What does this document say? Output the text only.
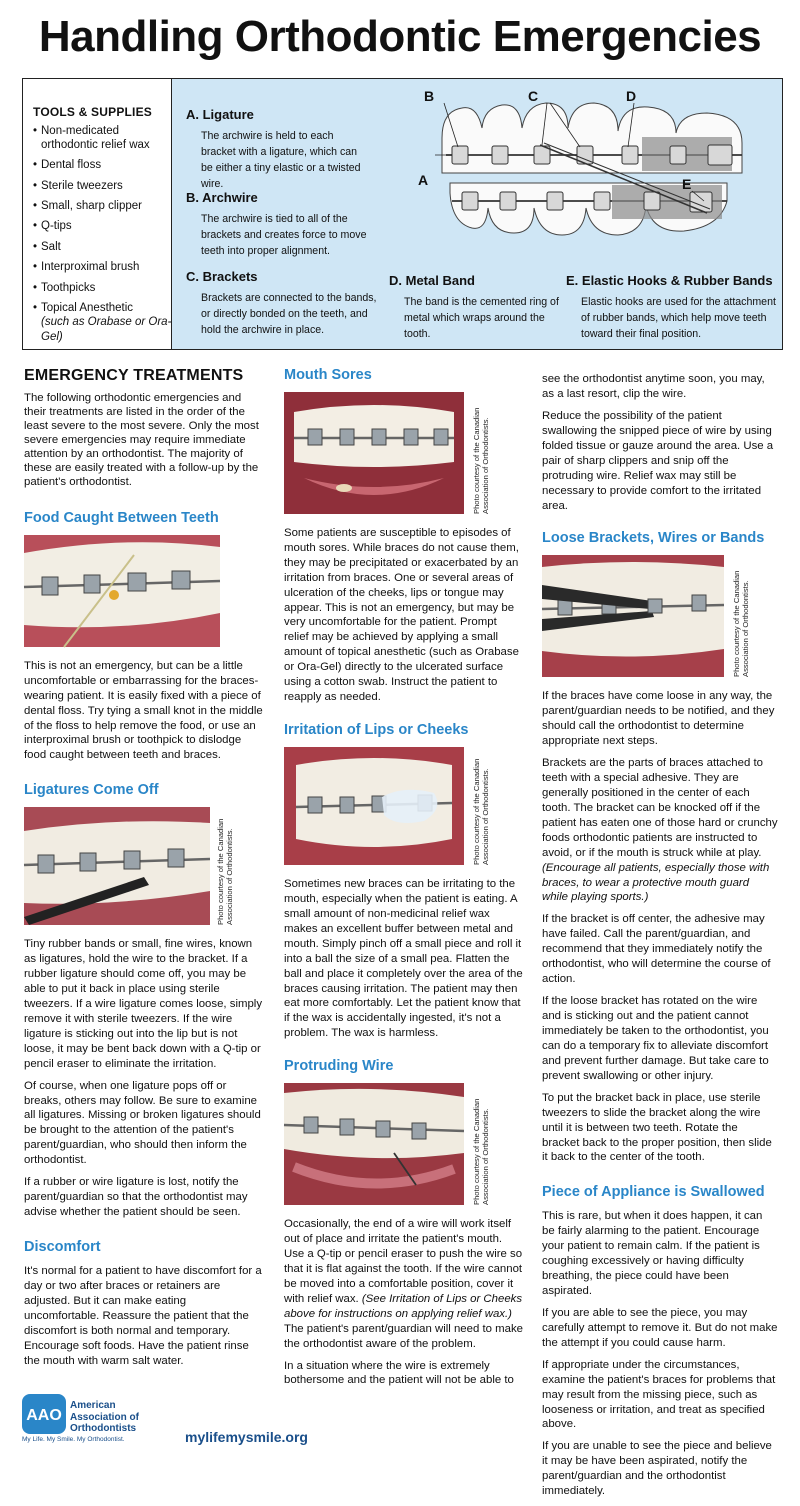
Handling Orthodontic Emergencies
TOOLS & SUPPLIES
• Non-medicated orthodontic relief wax
• Dental floss
• Sterile tweezers
• Small, sharp clipper
• Q-tips
• Salt
• Interproximal brush
• Toothpicks
• Topical Anesthetic
(such as Orabase or Ora-Gel)
A. Ligature

The archwire is held to each bracket with a ligature, which can be either a tiny elastic or a twisted wire.

B. Archwire

The archwire is tied to all of the brackets and creates force to move teeth into proper alignment.

C. Brackets

Brackets are connected to the bands, or directly bonded on the teeth, and hold the archwire in place.

D. Metal Band

The band is the cemented ring of metal which wraps around the tooth.

E. Elastic Hooks & Rubber Bands

Elastic hooks are used for the attachment of rubber bands, which help move teeth toward their final position.

B	C	D
A	E
EMERGENCY TREATMENTS

The following orthodontic emergencies and their treatments are listed in the order of the least severe to the most severe. Only the most severe emergencies may require immediate attention by an orthodontist. The majority of these are easily treated with a follow-up by the patient's orthodontist.

Food Caught Between Teeth

This is not an emergency, but can be a little uncomfortable or embarrassing for the braces-wearing patient. It is easily fixed with a piece of dental floss. Try tying a small knot in the middle of the floss to help remove the food, or use an interproximal brush or toothpick to dislodge food caught between teeth and braces.

Ligatures Come Off
Photo courtesy of the Canadian Association of Orthodontists.

Tiny rubber bands or small, fine wires, known as ligatures, hold the wire to the bracket. If a rubber ligature should come off, you may be able to put it back in place using sterile tweezers. If a wire ligature comes loose, simply remove it with sterile tweezers. If the wire ligature is sticking out into the lip but is not loose, it may be bent back down with a Q-tip or pencil eraser to eliminate the irritation.

Of course, when one ligature pops off or breaks, others may follow. Be sure to examine all ligatures. Missing or broken ligatures should be brought to the attention of the patient's parent/guardian, who should then inform the orthodontist.

If a rubber or wire ligature is lost, notify the parent/guardian so that the orthodontist may advise whether the patient should be seen.

Discomfort

It's normal for a patient to have discomfort for a day or two after braces or retainers are adjusted. But it can make eating uncomfortable. Reassure the patient that the discomfort is both normal and temporary. Encourage soft foods. Have the patient rinse the mouth with warm salt water.

Mouth Sores
Photo courtesy of the Canadian Association of Orthodontists.

Some patients are susceptible to episodes of mouth sores. While braces do not cause them, they may be precipitated or exacerbated by an irritation from braces. One or several areas of ulceration of the cheeks, lips or tongue may appear. This is not an emergency, but may be very uncomfortable for the patient. Prompt relief may be achieved by applying a small amount of topical anesthetic (such as Orabase or Ora-Gel) directly to the ulcerated surface using a cotton swab. Instruct the patient to reapply as needed.

Irritation of Lips or Cheeks
Photo courtesy of the Canadian Association of Orthodontists.

Sometimes new braces can be irritating to the mouth, especially when the patient is eating. A small amount of non-medicinal relief wax makes an excellent buffer between metal and mouth. Simply pinch off a small piece and roll it into a ball the size of a small pea. Flatten the ball and place it completely over the area of the braces causing irritation. The patient may then eat more comfortably. Let the patient know that if the wax is accidentally ingested, it's not a problem. The wax is harmless.

Protruding Wire
Photo courtesy of the Canadian Association of Orthodontists.

Occasionally, the end of a wire will work itself out of place and irritate the patient's mouth. Use a Q-tip or pencil eraser to push the wire so that it is flat against the tooth. If the wire cannot be moved into a comfortable position, cover it with relief wax. (See Irritation of Lips or Cheeks above for instructions on applying relief wax.) The patient's parent/guardian will need to make the orthodontist aware of the problem.

In a situation where the wire is extremely bothersome and the patient will not be able to

see the orthodontist anytime soon, you may, as a last resort, clip the wire.

Reduce the possibility of the patient swallowing the snipped piece of wire by using folded tissue or gauze around the area. Use a pair of sharp clippers and snip off the protruding wire. Relief wax may still be necessary to provide comfort to the irritated area.

Loose Brackets, Wires or Bands
Photo courtesy of the Canadian Association of Orthodontists.

If the braces have come loose in any way, the parent/guardian needs to be notified, and they should call the orthodontist to determine appropriate next steps.

Brackets are the parts of braces attached to teeth with a special adhesive. They are generally positioned in the center of each tooth. The bracket can be knocked off if the patient has eaten one of those hard or crunchy foods orthodontic patients are instructed to avoid, or if the mouth is struck while at play. (Encourage all patients, especially those with braces, to wear a protective mouth guard while playing sports.)

If the bracket is off center, the adhesive may have failed. Call the parent/guardian, and recommend that they immediately notify the orthodontist, who will determine the course of action.

If the loose bracket has rotated on the wire and is sticking out and the patient cannot immediately be taken to the orthodontist, you can do a temporary fix to alleviate discomfort and prevent further damage. But take care to prevent swallowing or other injury.

To put the bracket back in place, use sterile tweezers to slide the bracket along the wire until it is between two teeth. Rotate the bracket back to the proper position, then slide it back to the center of the tooth.

Piece of Appliance is Swallowed

This is rare, but when it does happen, it can be fairly alarming to the patient. Encourage your patient to remain calm. If the patient is coughing excessively or having difficulty breathing, the piece could have been aspirated.

If you are able to see the piece, you may carefully attempt to remove it. But do not make the attempt if you could cause harm.

If appropriate under the circumstances, examine the patient's braces for problems that may result from the missing piece, such as looseness or irritation, and treat as specified above.

If you are unable to see the piece and believe it may be have been aspirated, notify the parent/guardian and the orthodontist immediately.

AAO
American
Association of
Orthodontists
My Life. My Smile. My Orthodontist.	mylifemysmile.org
